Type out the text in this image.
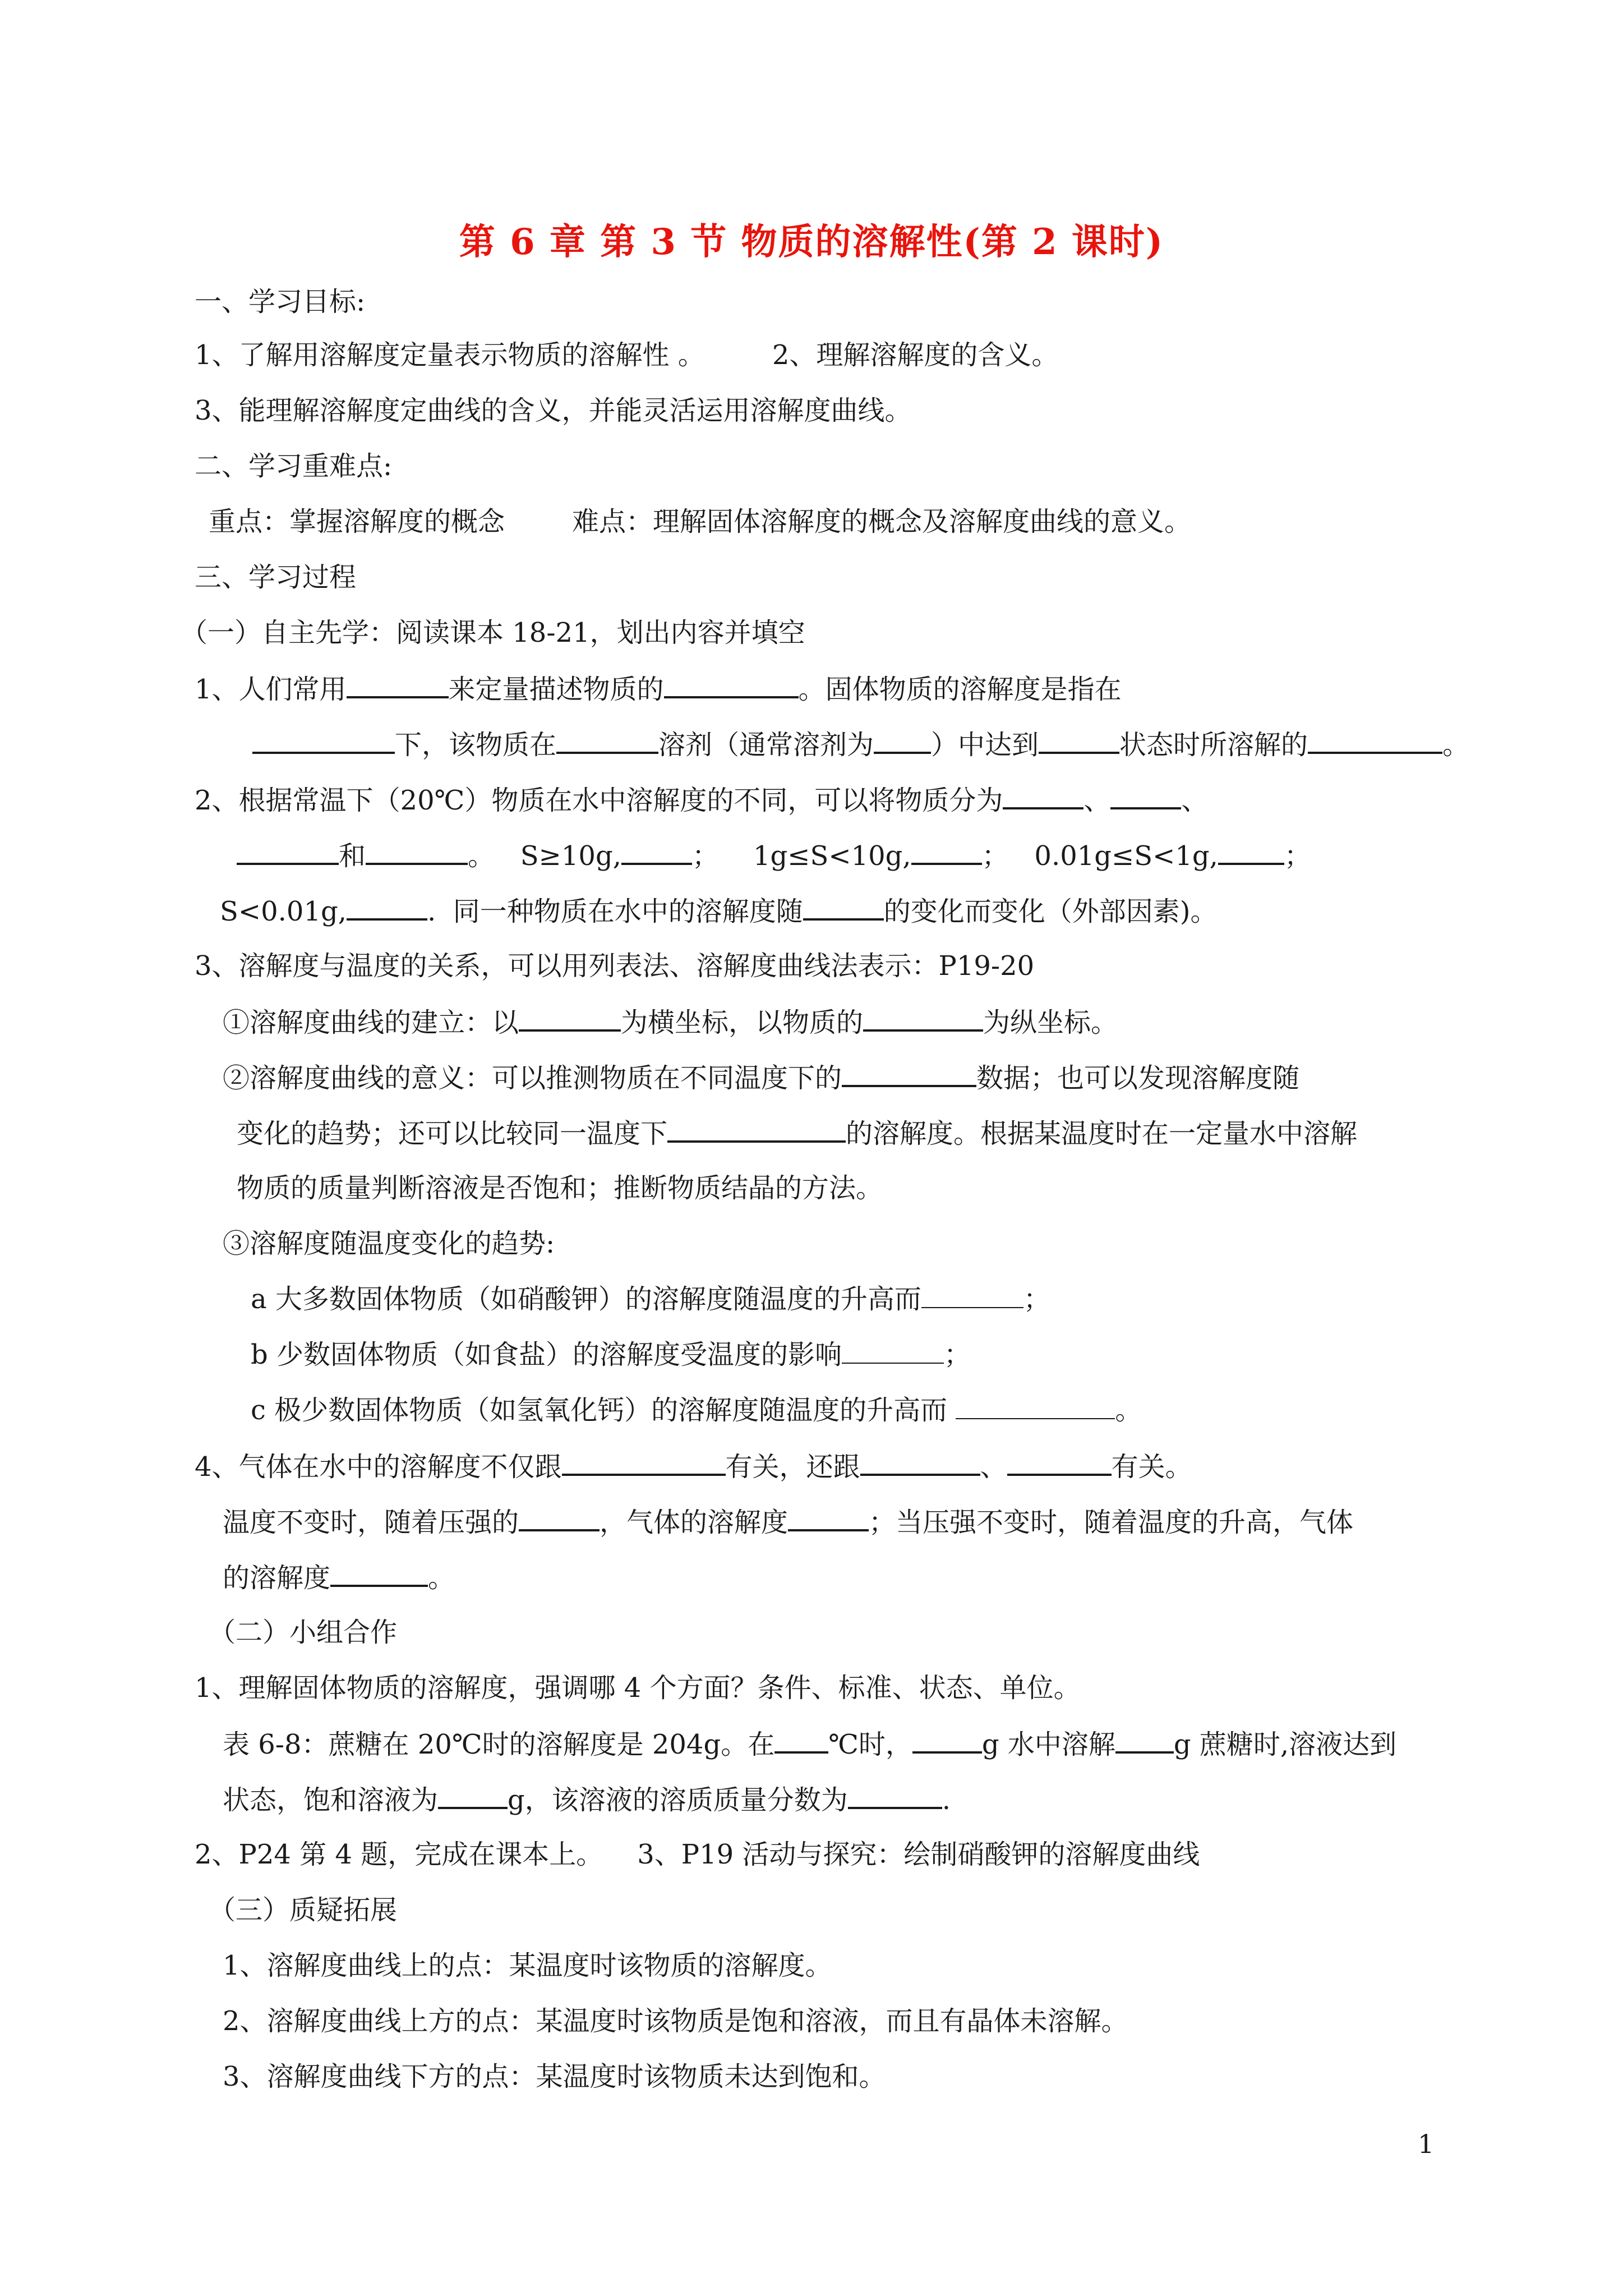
第 6 章 第 3 节 物质的溶解性(第 2 课时)
一、学习目标:
1、了解用溶解度定量表示物质的溶解性 。	2、理解溶解度的含义。
3、能理解溶解度定曲线的含义，并能灵活运用溶解度曲线。
二、学习重难点:
重点：掌握溶解度的概念	难点：理解固体溶解度的概念及溶解度曲线的意义。
三、学习过程
（一）自主先学：阅读课本 18-21，划出内容并填空
1、人们常用	来定量描述物质的	。固体物质的溶解度是指在
下，该物质在	溶剂（通常溶剂为 ）中达到	状态时所溶解的	。
2、根据常温下（20℃）物质在水中溶解度的不同，可以将物质分为	、	、
和	。   S≥10g,	；    1g≤S<10g,	；   0.01g≤S<1g, ；
S<0.01g,	.  同一种物质在水中的溶解度随	的变化而变化（外部因素)。
3、溶解度与温度的关系，可以用列表法、溶解度曲线法表示：P19-20
①溶解度曲线的建立：以	为横坐标，以物质的	为纵坐标。
②溶解度曲线的意义：可以推测物质在不同温度下的	数据；也可以发现溶解度随
变化的趋势；还可以比较同一温度下	的溶解度。根据某温度时在一定量水中溶解
物质的质量判断溶液是否饱和；推断物质结晶的方法。
③溶解度随温度变化的趋势:
a 大多数固体物质（如硝酸钾）的溶解度随温度的升高而	；
b 少数固体物质（如食盐）的溶解度受温度的影响	；
c 极少数固体物质（如氢氧化钙）的溶解度随温度的升高而	。
4、气体在水中的溶解度不仅跟	有关，还跟	、	有关。
温度不变时，随着压强的	，气体的溶解度	；当压强不变时，随着温度的升高，气体
的溶解度	。
（二）小组合作
1、理解固体物质的溶解度，强调哪 4 个方面？条件、标准、状态、单位。
表 6-8：蔗糖在 20℃时的溶解度是 204g。在 ℃时，	g 水中溶解 g 蔗糖时,溶液达到
状态，饱和溶液为	g，该溶液的溶质质量分数为	.
2、P24 第 4 题，完成在课本上。    3、P19 活动与探究：绘制硝酸钾的溶解度曲线
（三）质疑拓展
1、溶解度曲线上的点：某温度时该物质的溶解度。
2、溶解度曲线上方的点：某温度时该物质是饱和溶液，而且有晶体未溶解。
3、溶解度曲线下方的点：某温度时该物质未达到饱和。
1
